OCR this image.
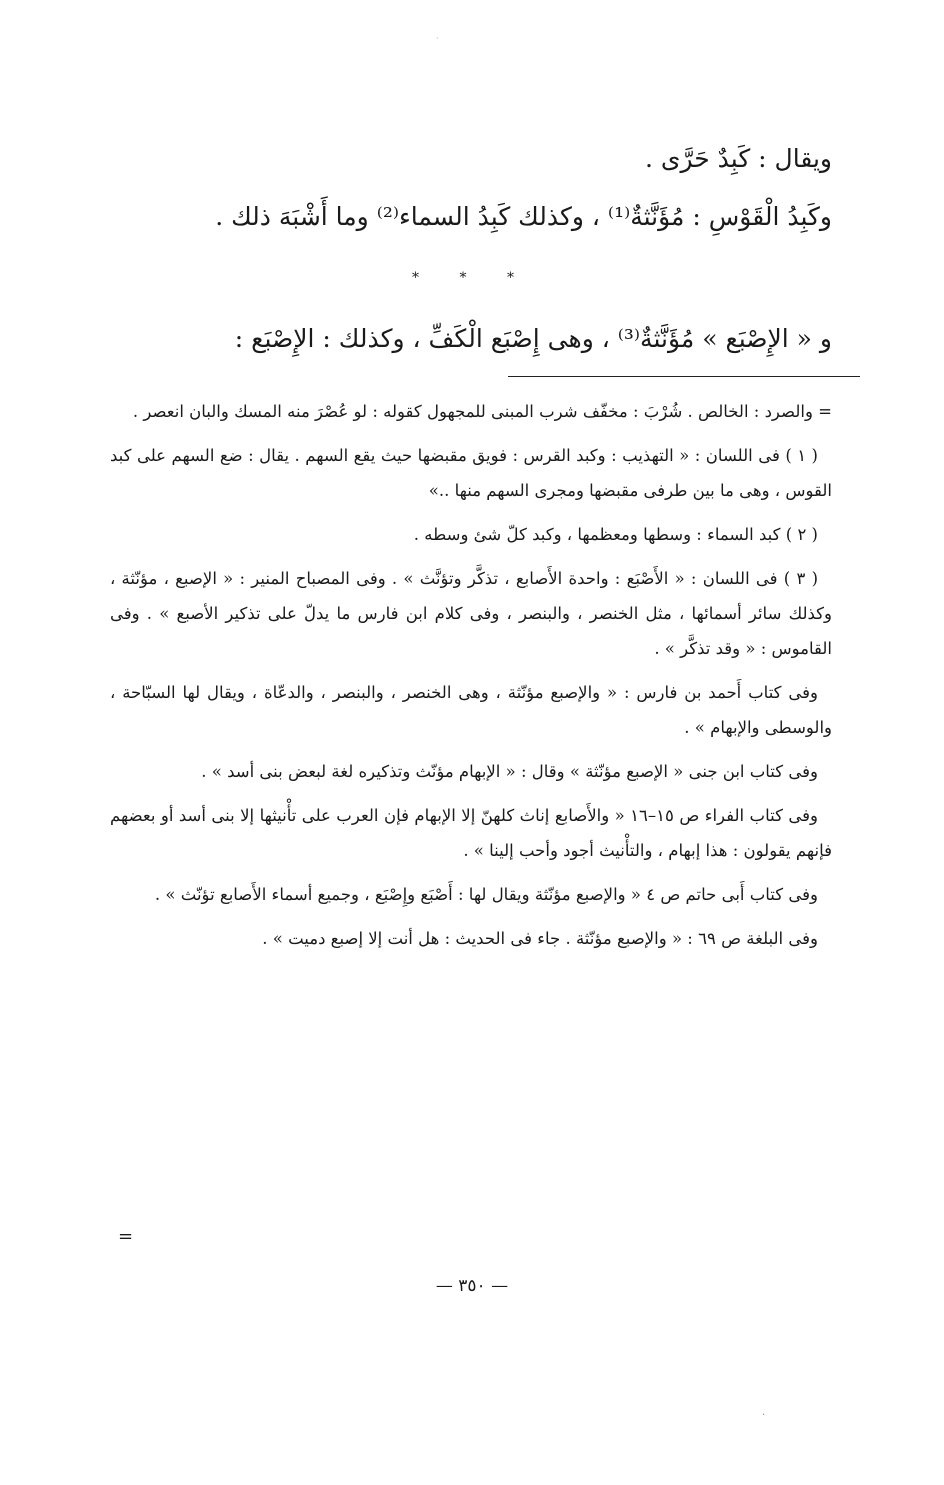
·
ويقال : كَبِدٌ حَرَّى .
وكَبِدُ الْقَوْسِ : مُؤَنَّثةٌ⁽¹⁾ ، وكذلك كَبِدُ السماء⁽²⁾ وما أَشْبَهَ ذلك .
* * *
و « الإِصْبَع » مُؤَنَّثةٌ⁽³⁾ ، وهى إِصْبَع الْكَفِّ ، وكذلك : الإِصْبَع :

= والصرد : الخالص . شُرْبَ : مخفّف شرب المبنى للمجهول كقوله : لو عُصْرَ منه المسك والبان انعصر .

( ١ ) فى اللسان : « التهذيب : وكبد القرس : فويق مقبضها حيث يقع السهم . يقال : ضع السهم على كبد القوس ، وهى ما بين طرفى مقبضها ومجرى السهم منها ..»

( ٢ ) كبد السماء : وسطها ومعظمها ، وكبد كلّ شئ وسطه .

( ٣ ) فى اللسان : « الأَصْبَع : واحدة الأَصابع ، تذكَّر وتؤنَّث » . وفى المصباح المنير : « الإصبع ، مؤنّثة ، وكذلك سائر أسمائها ، مثل الخنصر ، والبنصر ، وفى كلام ابن فارس ما يدلّ على تذكير الأصبع » . وفى القاموس : « وقد تذكَّر » .

وفى كتاب أَحمد بن فارس : « والإصبع مؤنّثة ، وهى الخنصر ، والبنصر ، والدعّاة ، ويقال لها السبّاحة ، والوسطى والإبهام » .

وفى كتاب ابن جنى « الإصبع مؤنّثة » وقال : « الإبهام مؤنّث وتذكيره لغة لبعض بنى أسد » .

وفى كتاب الفراء ص ١٥–١٦ « والأَصابع إناث كلهنّ إلا الإبهام فإن العرب على تأْنيثها إلا بنى أسد أو بعضهم فإنهم يقولون : هذا إبهام ، والتأْنيث أجود وأحب إلينا » .

وفى كتاب أَبى حاتم ص ٤ « والإصبع مؤنّثة ويقال لها : أَصْبَع وإِصْبَع ، وجميع أسماء الأَصابع تؤنّث » .

وفى البلغة ص ٦٩ : « والإصبع مؤنّثة . جاء فى الحديث : هل أنت إلا إصبع دميت » .

=
— ٣٥٠ —
·
